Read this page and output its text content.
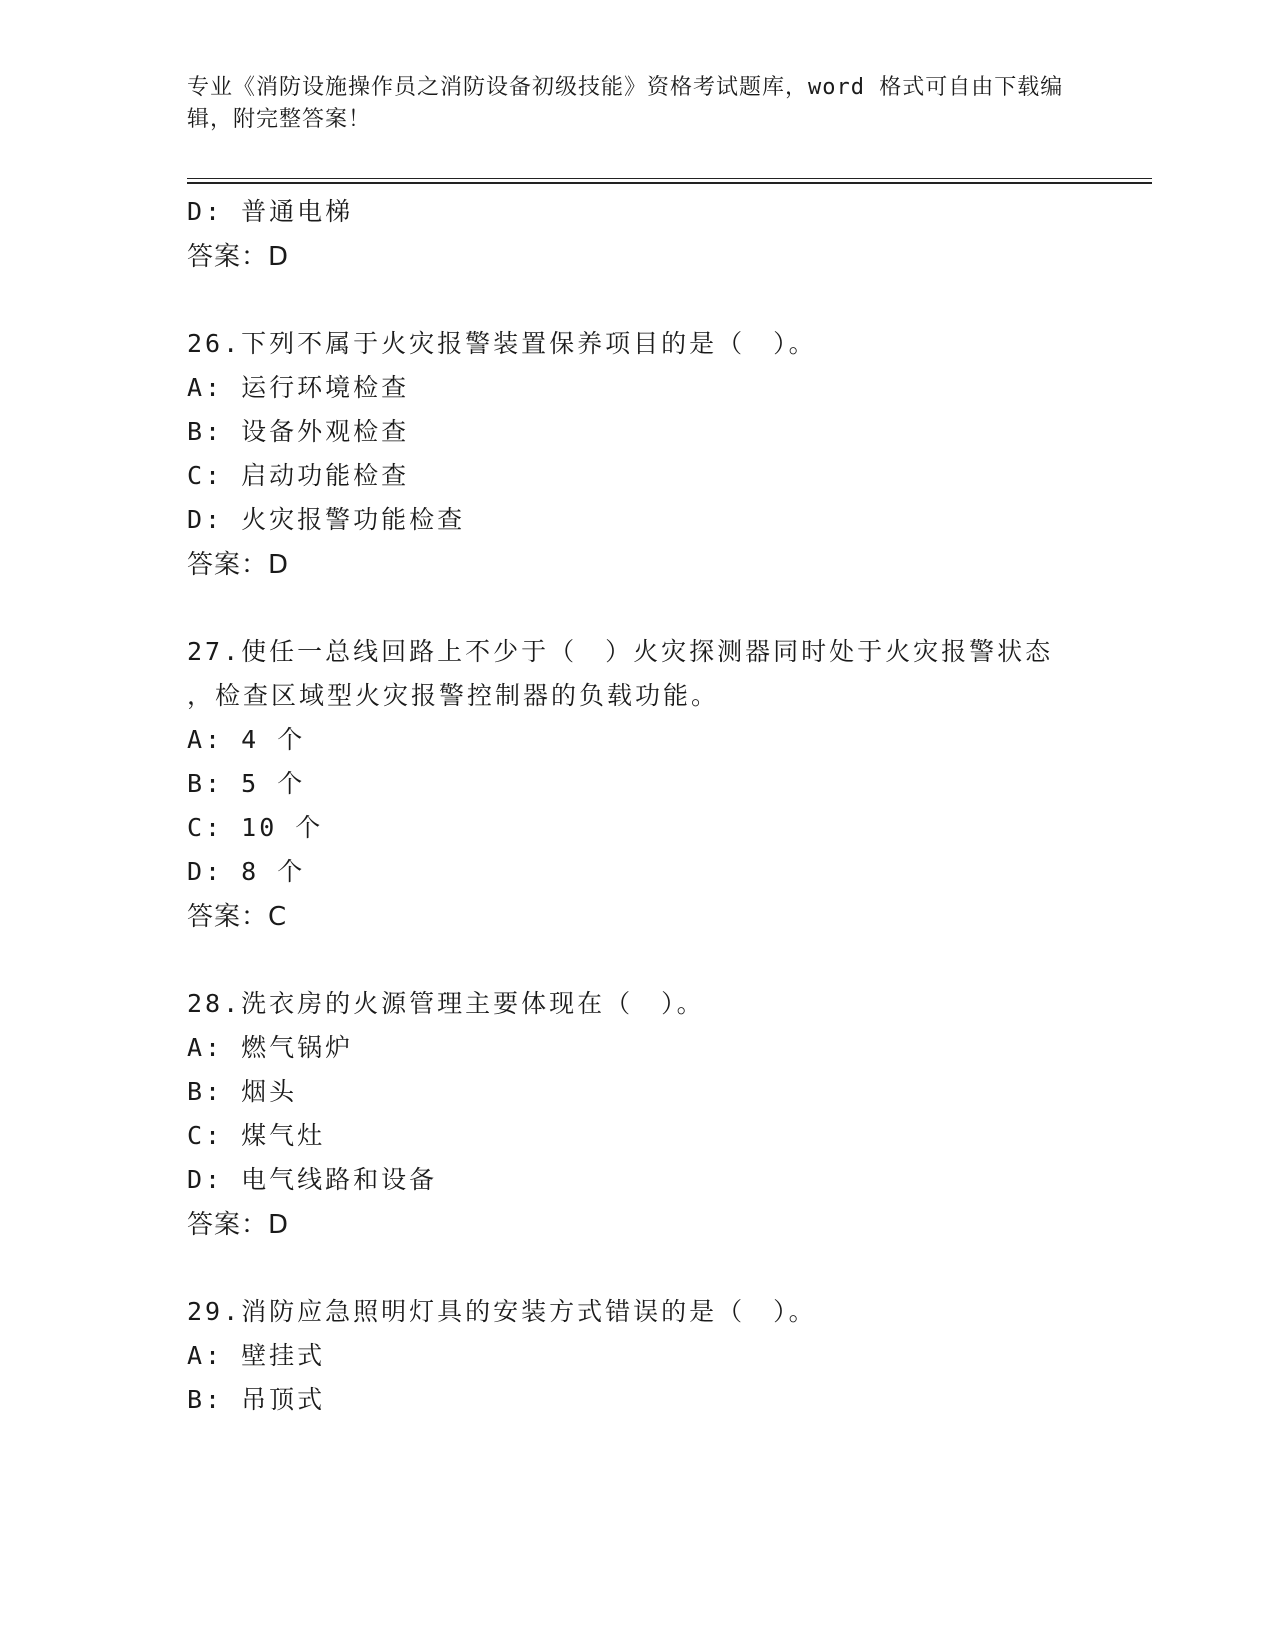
专业《消防设施操作员之消防设备初级技能》资格考试题库，word 格式可自由下载编辑，附完整答案！
D: 普通电梯
答案：D
26.下列不属于火灾报警装置保养项目的是（　）。
A: 运行环境检查
B: 设备外观检查
C: 启动功能检查
D: 火灾报警功能检查
答案：D
27.使任一总线回路上不少于（　）火灾探测器同时处于火灾报警状态
，检查区域型火灾报警控制器的负载功能。
A: 4 个
B: 5 个
C: 10 个
D: 8 个
答案：C
28.洗衣房的火源管理主要体现在（　）。
A: 燃气锅炉
B: 烟头
C: 煤气灶
D: 电气线路和设备
答案：D
29.消防应急照明灯具的安装方式错误的是（　）。
A: 壁挂式
B: 吊顶式
